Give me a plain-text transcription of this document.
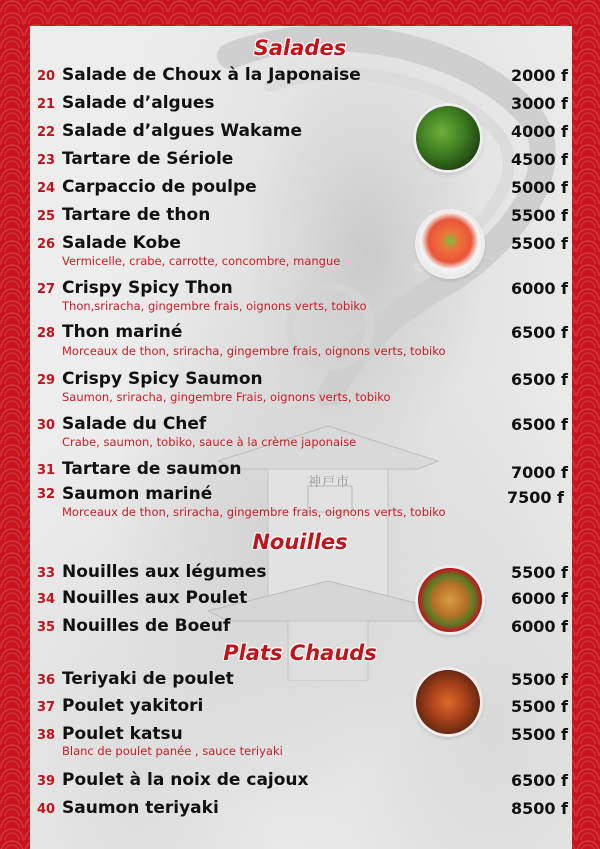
神戸市
Salades
Nouilles
Plats Chauds
20 Salade de Choux à la Japonaise	2000 f
21 Salade d’algues	3000 f
22 Salade d’algues Wakame	4000 f
23 Tartare de Sériole	4500 f
24 Carpaccio de poulpe	5000 f
25 Tartare de thon	5500 f
26 Salade Kobe	5500 f
Vermicelle, crabe, carrotte, concombre, mangue
27 Crispy Spicy Thon	6000 f
Thon,sriracha, gingembre frais, oignons verts, tobiko
28 Thon mariné	6500 f
Morceaux de thon, sriracha, gingembre frais, oignons verts, tobiko
29 Crispy Spicy Saumon	6500 f
Saumon, sriracha, gingembre Frais, oignons verts, tobiko
30 Salade du Chef	6500 f
Crabe, saumon, tobiko, sauce à la crème japonaise
31 Tartare de saumon	7000 f
32 Saumon mariné	7500 f
Morceaux de thon, sriracha, gingembre frais, oignons verts, tobiko
33 Nouilles aux légumes	5500 f
34 Nouilles aux Poulet	6000 f
35 Nouilles de Boeuf	6000 f
36 Teriyaki de poulet	5500 f
37 Poulet yakitori	5500 f
38 Poulet katsu	5500 f
Blanc de poulet panée , sauce teriyaki
39 Poulet à la noix de cajoux	6500 f
40 Saumon teriyaki	8500 f
